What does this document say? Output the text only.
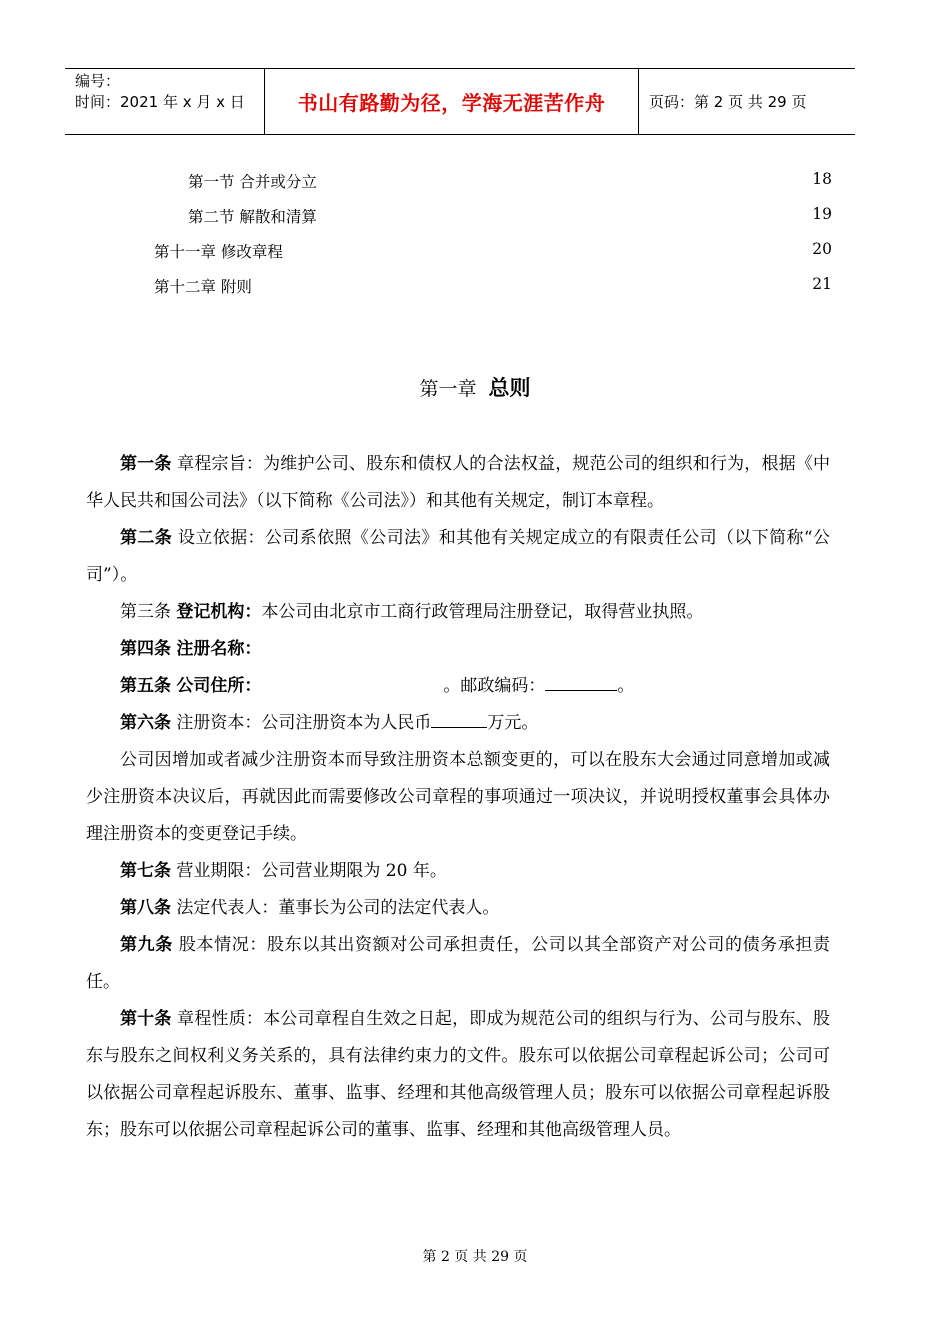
编号：
时间：2021 年 x 月 x 日	书山有路勤为径，学海无涯苦作舟	页码：第 2 页 共 29 页
第一节 合并或分立	18
第二节 解散和清算	19
第十一章 修改章程	20
第十二章 附则	21
第一章 总则

第一条 章程宗旨：为维护公司、股东和债权人的合法权益，规范公司的组织和行为，根据《中华人民共和国公司法》（以下简称《公司法》）和其他有关规定，制订本章程。

第二条 设立依据：公司系依照《公司法》和其他有关规定成立的有限责任公司（以下简称“公司”）。

第三条 登记机构：本公司由北京市工商行政管理局注册登记，取得营业执照。

第四条 注册名称：

第五条 公司住所：	。邮政编码：	。

第六条 注册资本：公司注册资本为人民币	万元。

公司因增加或者减少注册资本而导致注册资本总额变更的，可以在股东大会通过同意增加或减少注册资本决议后，再就因此而需要修改公司章程的事项通过一项决议，并说明授权董事会具体办理注册资本的变更登记手续。

第七条 营业期限：公司营业期限为 20 年。

第八条 法定代表人：董事长为公司的法定代表人。

第九条 股本情况：股东以其出资额对公司承担责任，公司以其全部资产对公司的债务承担责任。

第十条 章程性质：本公司章程自生效之日起，即成为规范公司的组织与行为、公司与股东、股东与股东之间权利义务关系的，具有法律约束力的文件。股东可以依据公司章程起诉公司；公司可以依据公司章程起诉股东、董事、监事、经理和其他高级管理人员；股东可以依据公司章程起诉股东；股东可以依据公司章程起诉公司的董事、监事、经理和其他高级管理人员。

第 2 页 共 29 页
